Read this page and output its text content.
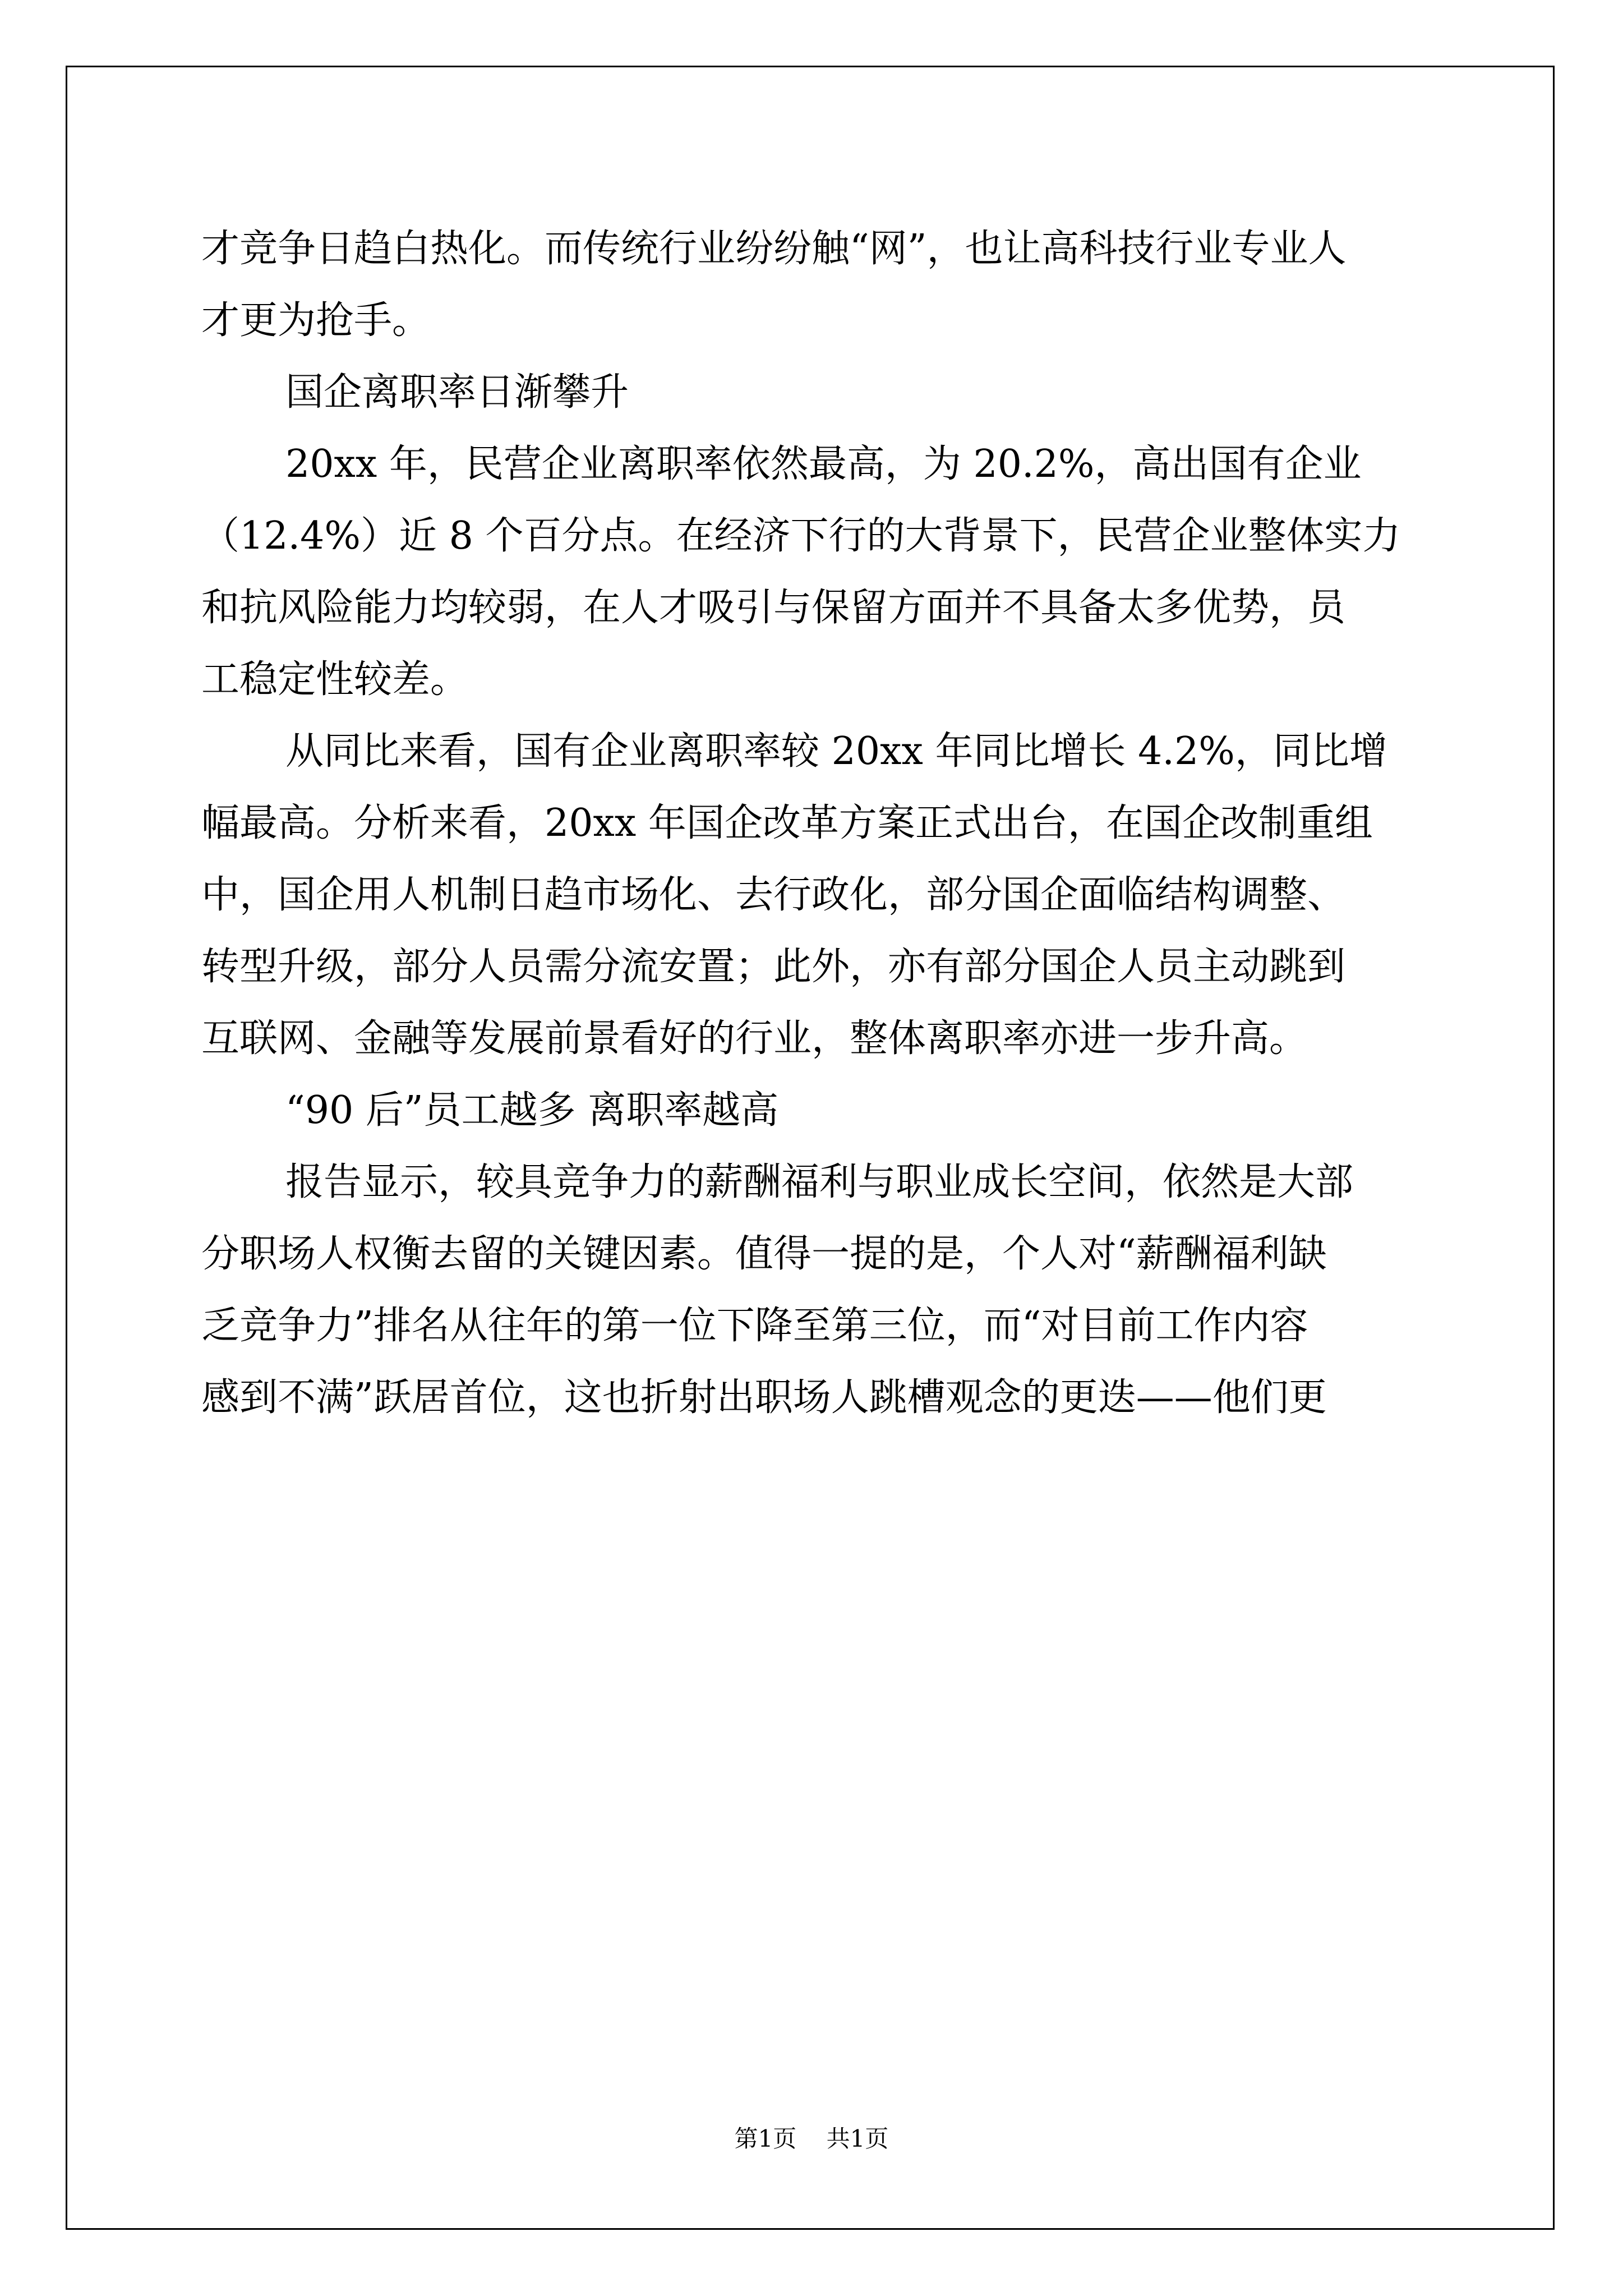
才竞争日趋白热化。而传统行业纷纷触“网”，也让高科技行业专业人
才更为抢手。
国企离职率日渐攀升
20xx 年，民营企业离职率依然最高，为 20.2%，高出国有企业
（12.4%）近 8 个百分点。在经济下行的大背景下，民营企业整体实力
和抗风险能力均较弱，在人才吸引与保留方面并不具备太多优势，员
工稳定性较差。
从同比来看，国有企业离职率较 20xx 年同比增长 4.2%，同比增
幅最高。分析来看，20xx 年国企改革方案正式出台，在国企改制重组
中，国企用人机制日趋市场化、去行政化，部分国企面临结构调整、
转型升级，部分人员需分流安置；此外，亦有部分国企人员主动跳到
互联网、金融等发展前景看好的行业，整体离职率亦进一步升高。
“90 后”员工越多 离职率越高
报告显示，较具竞争力的薪酬福利与职业成长空间，依然是大部
分职场人权衡去留的关键因素。值得一提的是，个人对“薪酬福利缺
乏竞争力”排名从往年的第一位下降至第三位，而“对目前工作内容
感到不满”跃居首位，这也折射出职场人跳槽观念的更迭——他们更
第1页 共1页
